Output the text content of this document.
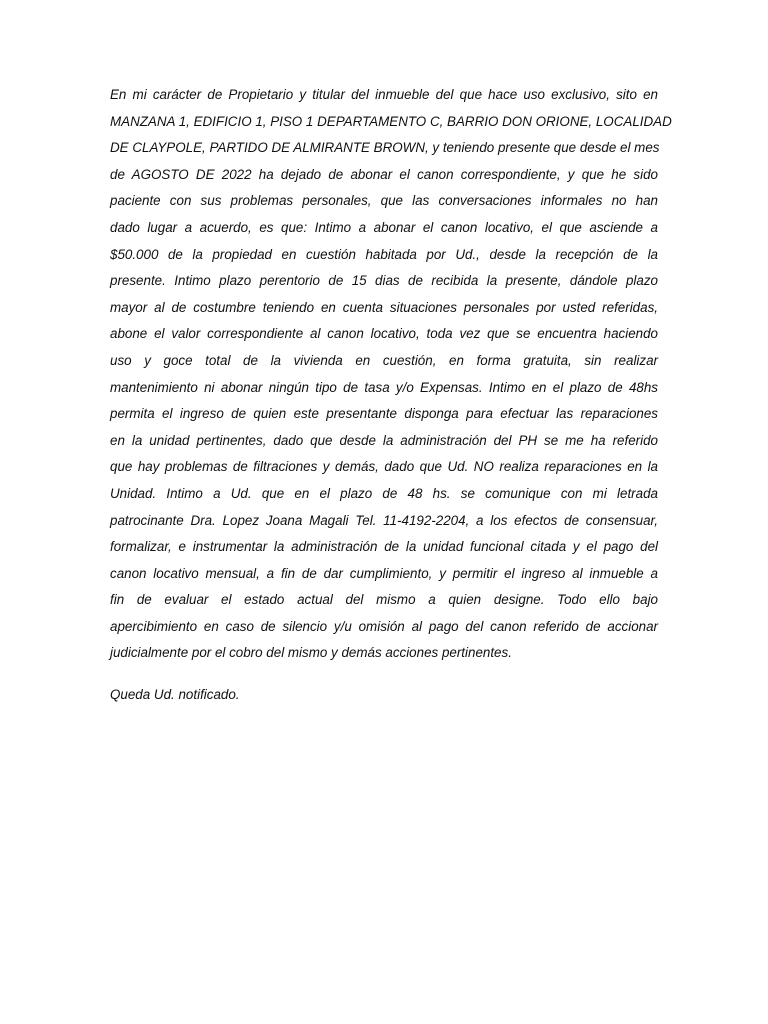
En mi carácter de Propietario y titular del inmueble del que hace uso exclusivo, sito en
MANZANA 1, EDIFICIO 1, PISO 1 DEPARTAMENTO C, BARRIO DON ORIONE, LOCALIDAD
DE CLAYPOLE, PARTIDO DE ALMIRANTE BROWN, y teniendo presente que desde el mes
de AGOSTO DE 2022 ha dejado de abonar el canon correspondiente, y que he sido
paciente con sus problemas personales, que las conversaciones informales no han
dado lugar a acuerdo, es que: Intimo a abonar el canon locativo, el que asciende a
$50.000 de la propiedad en cuestión habitada por Ud., desde la recepción de la
presente. Intimo plazo perentorio de 15 dias de recibida la presente, dándole plazo
mayor al de costumbre teniendo en cuenta situaciones personales por usted referidas,
abone el valor correspondiente al canon locativo, toda vez que se encuentra haciendo
uso y goce total de la vivienda en cuestión, en forma gratuita, sin realizar
mantenimiento ni abonar ningún tipo de tasa y/o Expensas. Intimo en el plazo de 48hs
permita el ingreso de quien este presentante disponga para efectuar las reparaciones
en la unidad pertinentes, dado que desde la administración del PH se me ha referido
que hay problemas de filtraciones y demás, dado que Ud. NO realiza reparaciones en la
Unidad. Intimo a Ud. que en el plazo de 48 hs. se comunique con mi letrada
patrocinante Dra. Lopez Joana Magali Tel. 11-4192-2204, a los efectos de consensuar,
formalizar, e instrumentar la administración de la unidad funcional citada y el pago del
canon locativo mensual, a fin de dar cumplimiento, y permitir el ingreso al inmueble a
fin de evaluar el estado actual del mismo a quien designe. Todo ello bajo
apercibimiento en caso de silencio y/u omisión al pago del canon referido de accionar
judicialmente por el cobro del mismo y demás acciones pertinentes.
Queda Ud. notificado.
